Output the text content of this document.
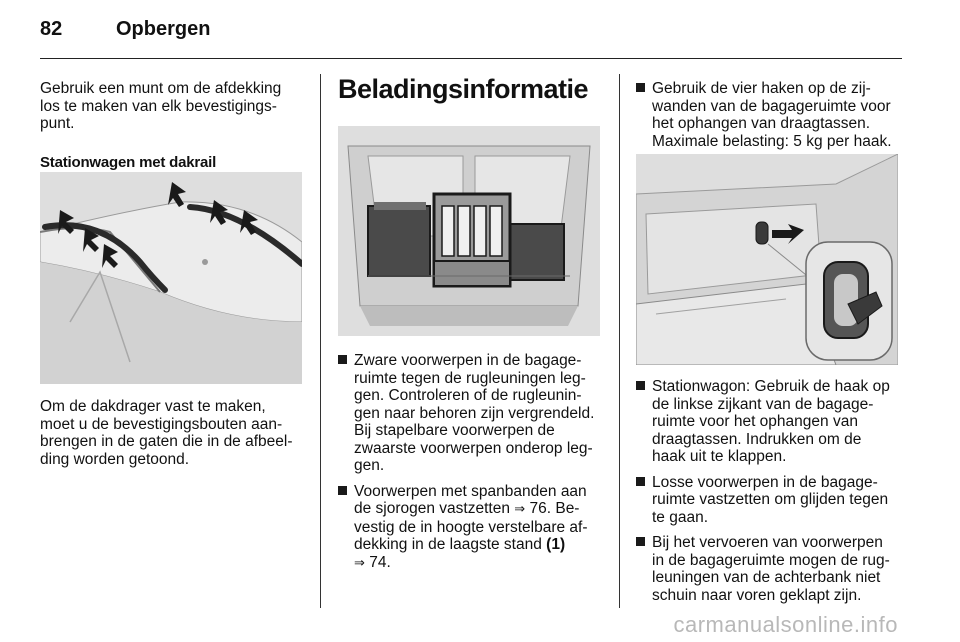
82	Opbergen

Gebruik een munt om de afdekking
los te maken van elk bevestigings-
punt.

Stationwagen met dakrail

Om de dakdrager vast te maken,
moet u de bevestigingsbouten aan-
brengen in de gaten die in de afbeel-
ding worden getoond.

Beladingsinformatie
Zware voorwerpen in de bagage-
ruimte tegen de rugleuningen leg-
gen. Controleren of de rugleunin-
gen naar behoren zijn vergrendeld.
Bij stapelbare voorwerpen de
zwaarste voorwerpen onderop leg-
gen.
Voorwerpen met spanbanden aan
de sjorogen vastzetten ⇒ 76. Be-
vestig de in hoogte verstelbare af-
dekking in de laagste stand (1)
⇒ 74.
Gebruik de vier haken op de zij-
wanden van de bagageruimte voor
het ophangen van draagtassen.
Maximale belasting: 5 kg per haak.
Stationwagon: Gebruik de haak op
de linkse zijkant van de bagage-
ruimte voor het ophangen van
draagtassen. Indrukken om de
haak uit te klappen.
Losse voorwerpen in de bagage-
ruimte vastzetten om glijden tegen
te gaan.
Bij het vervoeren van voorwerpen
in de bagageruimte mogen de rug-
leuningen van de achterbank niet
schuin naar voren geklapt zijn.
carmanualsonline.info
